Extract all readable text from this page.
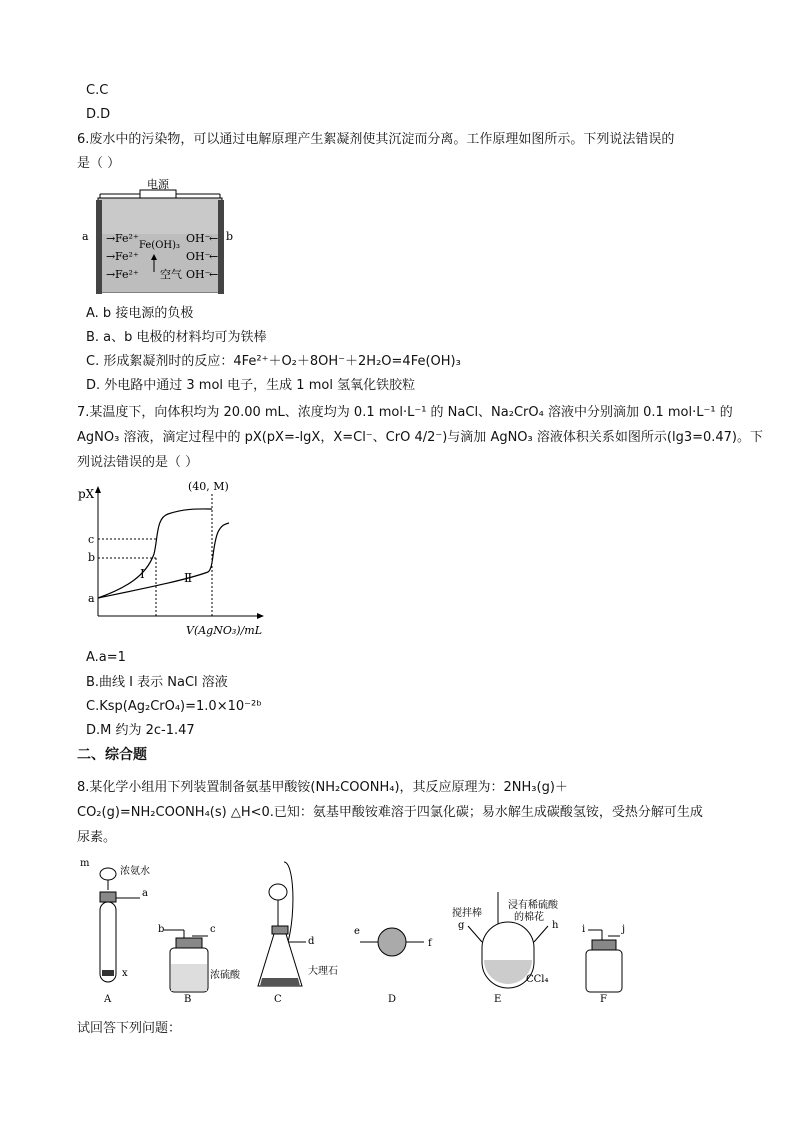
C.C
D.D
6.废水中的污染物，可以通过电解原理产生絮凝剂使其沉淀而分离。工作原理如图所示。下列说法错误的
是（ ）
电源
a	b
→ Fe²⁺
→ Fe²⁺
→ Fe²⁺
Fe(OH)₃
空气
OH⁻
←
OH⁻
←
OH⁻
←
A. b 接电源的负极
B. a、b 电极的材料均可为铁棒
C. 形成絮凝剂时的反应：4Fe²⁺＋O₂＋8OH⁻＋2H₂O=4Fe(OH)₃
D. 外电路中通过 3 mol 电子，生成 1 mol 氢氧化铁胶粒
7.某温度下，向体积均为 20.00 mL、浓度均为 0.1 mol·L⁻¹ 的 NaCl、Na₂CrO₄ 溶液中分别滴加 0.1 mol·L⁻¹ 的
AgNO₃ 溶液，滴定过程中的 pX(pX=-lgX，X=Cl⁻、CrO 4/2⁻)与滴加 AgNO₃ 溶液体积关系如图所示(lg3=0.47)。下
列说法错误的是（ ）
pX
V(AgNO₃)/mL
(40, M)
c
b
a
Ⅰ	Ⅱ
A.a=1
B.曲线 I 表示 NaCl 溶液
C.Ksp(Ag₂CrO₄)=1.0×10⁻²ᵇ
D.M 约为 2c-1.47
二、综合题
8.某化学小组用下列装置制备氨基甲酸铵(NH₂COONH₄)，其反应原理为：2NH₃(g)＋
CO₂(g)=NH₂COONH₄(s) △H<0.已知：氨基甲酸铵难溶于四氯化碳；易水解生成碳酸氢铵，受热分解可生成
尿素。
m
浓氨水
a
x
A
b	c
浓硫酸
B
d
大理石
C
e
f
D
搅拌棒
浸有稀硫酸
的棉花
g	h
CCl₄
E
i	j
F
试回答下列问题：
